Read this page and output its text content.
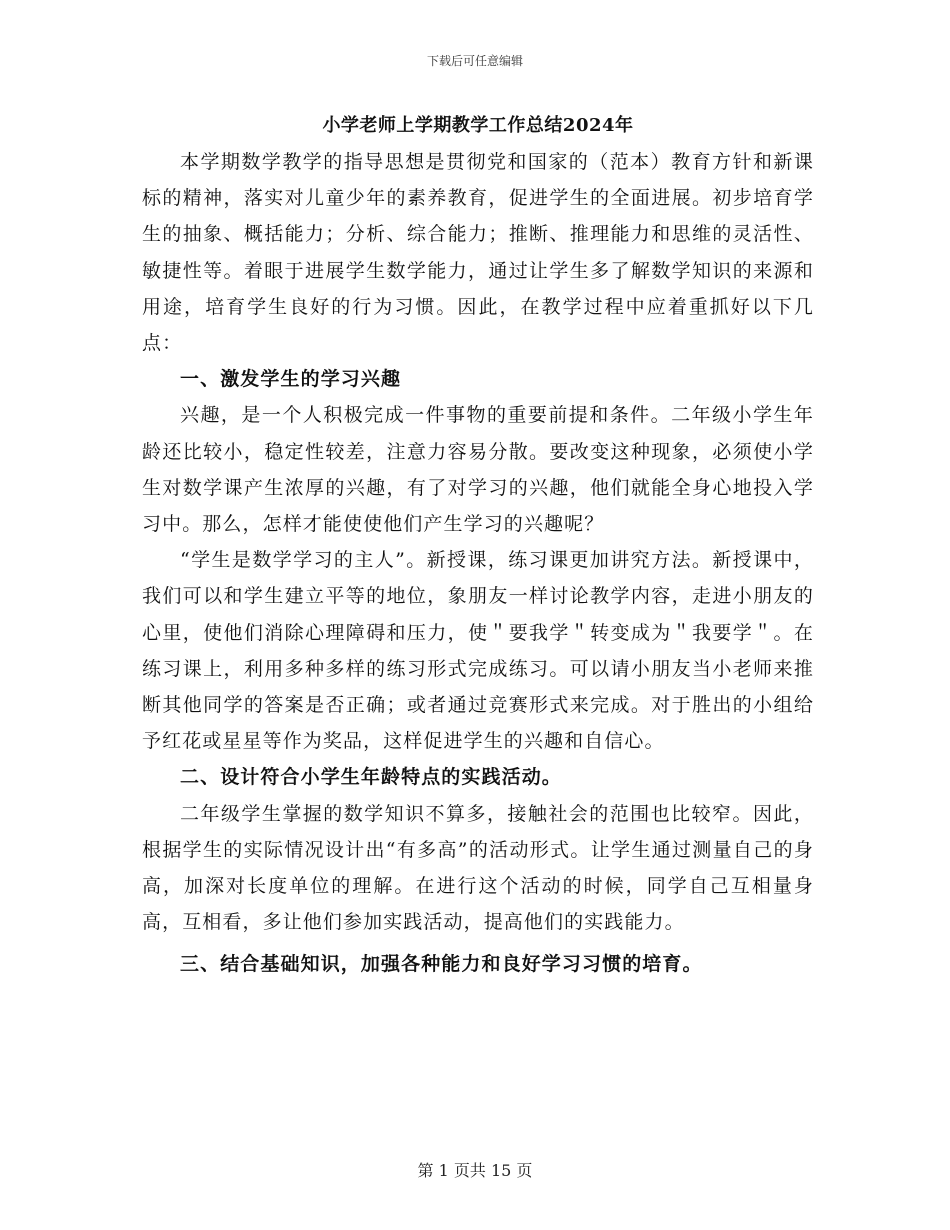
下载后可任意编辑
小学老师上学期教学工作总结2024年

本学期数学教学的指导思想是贯彻党和国家的（范本）教育方针和新课标的精神，落实对儿童少年的素养教育，促进学生的全面进展。初步培育学生的抽象、概括能力；分析、综合能力；推断、推理能力和思维的灵活性、敏捷性等。着眼于进展学生数学能力，通过让学生多了解数学知识的来源和用途，培育学生良好的行为习惯。因此，在教学过程中应着重抓好以下几点：

一、激发学生的学习兴趣

兴趣，是一个人积极完成一件事物的重要前提和条件。二年级小学生年龄还比较小，稳定性较差，注意力容易分散。要改变这种现象，必须使小学生对数学课产生浓厚的兴趣，有了对学习的兴趣，他们就能全身心地投入学习中。那么，怎样才能使使他们产生学习的兴趣呢？

“学生是数学学习的主人”。新授课，练习课更加讲究方法。新授课中，我们可以和学生建立平等的地位，象朋友一样讨论教学内容，走进小朋友的心里，使他们消除心理障碍和压力，使＂要我学＂转变成为＂我要学＂。在练习课上，利用多种多样的练习形式完成练习。可以请小朋友当小老师来推断其他同学的答案是否正确；或者通过竞赛形式来完成。对于胜出的小组给予红花或星星等作为奖品，这样促进学生的兴趣和自信心。

二、设计符合小学生年龄特点的实践活动。

二年级学生掌握的数学知识不算多，接触社会的范围也比较窄。因此，根据学生的实际情况设计出“有多高”的活动形式。让学生通过测量自己的身高，加深对长度单位的理解。在进行这个活动的时候，同学自己互相量身高，互相看，多让他们参加实践活动，提高他们的实践能力。

三、结合基础知识，加强各种能力和良好学习习惯的培育。

第 1 页共 15 页
